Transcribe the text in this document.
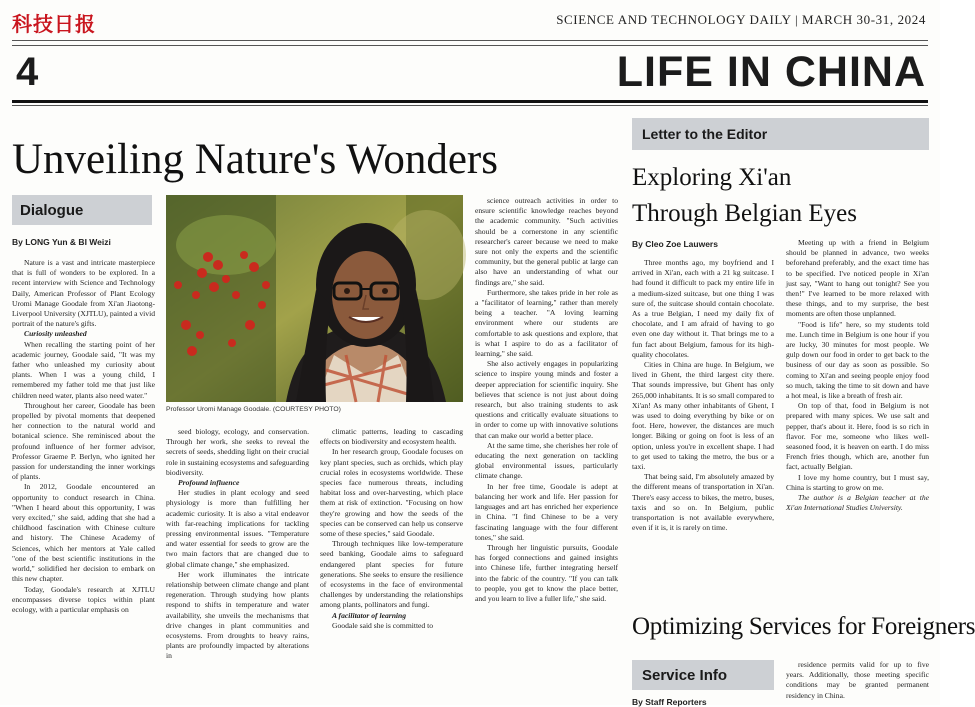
科技日报	SCIENCE AND TECHNOLOGY DAILY | MARCH 30-31, 2024
4	LIFE IN CHINA
Unveiling Nature's Wonders
Dialogue
By LONG Yun & BI Weizi

Nature is a vast and intricate masterpiece that is full of wonders to be explored. In a recent interview with Science and Technology Daily, American Professor of Plant Ecology Uromi Manage Goodale from Xi'an Jiaotong-Liverpool University (XJTLU), painted a vivid portrait of the nature's gifts.

Curiosity unleashed

When recalling the starting point of her academic journey, Goodale said, "It was my father who unleashed my curiosity about plants. When I was a young child, I remembered my father told me that just like children need water, plants also need water."

Throughout her career, Goodale has been propelled by pivotal moments that deepened her connection to the natural world and botanical science. She reminisced about the profound influence of her former advisor, Professor Graeme P. Berlyn, who ignited her passion for understanding the inner workings of plants.

In 2012, Goodale encountered an opportunity to conduct research in China. "When I heard about this opportunity, I was very excited," she said, adding that she had a childhood fascination with Chinese culture and history. The Chinese Academy of Sciences, which her mentors at Yale called "one of the best scientific institutions in the world," solidified her decision to embark on this new chapter.

Today, Goodale's research at XJTLU encompasses diverse topics within plant ecology, with a particular emphasis on

Professor Uromi Manage Goodale. (COURTESY PHOTO)

seed biology, ecology, and conservation. Through her work, she seeks to reveal the secrets of seeds, shedding light on their crucial role in sustaining ecosystems and safeguarding biodiversity.

Profound influence

Her studies in plant ecology and seed physiology is more than fulfilling her academic curiosity. It is also a vital endeavor with far-reaching implications for tackling pressing environmental issues. "Temperature and water essential for seeds to grow are the two main factors that are changed due to global climate change," she emphasized.

Her work illuminates the intricate relationship between climate change and plant regeneration. Through studying how plants respond to shifts in temperature and water availability, she unveils the mechanisms that drive changes in plant communities and ecosystems. From droughts to heavy rains, plants are profoundly impacted by alterations in

climatic patterns, leading to cascading effects on biodiversity and ecosystem health.

In her research group, Goodale focuses on key plant species, such as orchids, which play crucial roles in ecosystems worldwide. These species face numerous threats, including habitat loss and over-harvesting, which place them at risk of extinction. "Focusing on how they're growing and how the seeds of the species can be conserved can help us conserve some of these species," said Goodale.

Through techniques like low-temperature seed banking, Goodale aims to safeguard endangered plant species for future generations. She seeks to ensure the resilience of ecosystems in the face of environmental challenges by understanding the relationships among plants, pollinators and fungi.

A facilitator of learning

Goodale said she is committed to

science outreach activities in order to ensure scientific knowledge reaches beyond the academic community. "Such activities should be a cornerstone in any scientific researcher's career because we need to make sure not only the experts and the scientific community, but the general public at large can also have an understanding of what our findings are," she said.

Furthermore, she takes pride in her role as a "facilitator of learning," rather than merely being a teacher. "A loving learning environment where our students are comfortable to ask questions and explore, that is what I aspire to do as a facilitator of learning," she said.

She also actively engages in popularizing science to inspire young minds and foster a deeper appreciation for scientific inquiry. She believes that science is not just about doing research, but also training students to ask questions and critically evaluate situations to in order to come up with innovative solutions that can make our world a better place.

At the same time, she cherishes her role of educating the next generation on tackling global environmental issues, particularly climate change.

In her free time, Goodale is adept at balancing her work and life. Her passion for languages and art has enriched her experience in China. "I find Chinese to be a very fascinating language with the four different tones," she said.

Through her linguistic pursuits, Goodale has forged connections and gained insights into Chinese life, further integrating herself into the fabric of the country. "If you can talk to people, you get to know the place better, and you learn to live a fuller life," she said.

Letter to the Editor
Exploring Xi'an
Through Belgian Eyes
By Cleo Zoe Lauwers

Three months ago, my boyfriend and I arrived in Xi'an, each with a 21 kg suitcase. I had found it difficult to pack my entire life in a medium-sized suitcase, but one thing I was sure of, the suitcase should contain chocolate. As a true Belgian, I need my daily fix of chocolate, and I am afraid of having to go even one day without it. That brings me to a fun fact about Belgium, famous for its high-quality chocolates.

Cities in China are huge. In Belgium, we lived in Ghent, the third largest city there. That sounds impressive, but Ghent has only 265,000 inhabitants. It is so small compared to Xi'an! As many other inhabitants of Ghent, I was used to doing everything by bike or on foot. Here, however, the distances are much longer. Biking or going on foot is less of an option, unless you're in excellent shape. I had to get used to taking the metro, the bus or a taxi.

That being said, I'm absolutely amazed by the different means of transportation in Xi'an. There's easy access to bikes, the metro, buses, taxis and so on. In Belgium, public transportation is not available everywhere, even if it is, it is rarely on time.

Meeting up with a friend in Belgium should be planned in advance, two weeks beforehand preferably, and the exact time has to be specified. I've noticed people in Xi'an just say, "Want to hang out tonight? See you then!" I've learned to be more relaxed with these things, and to my surprise, the best moments are often those unplanned.

"Food is life" here, so my students told me. Lunch time in Belgium is one hour if you are lucky, 30 minutes for most people. We gulp down our food in order to get back to the business of our day as soon as possible. So coming to Xi'an and seeing people enjoy food so much, taking the time to sit down and have a hot meal, is like a breath of fresh air.

On top of that, food in Belgium is not prepared with many spices. We use salt and pepper, that's about it. Here, food is so rich in flavor. For me, someone who likes well-seasoned food, it is heaven on earth. I do miss French fries though, which are, another fun fact, actually Belgian.

I love my home country, but I must say, China is starting to grow on me.

The author is a Belgian teacher at the Xi'an International Studies University.

Optimizing Services for Foreigners
Service Info
By Staff Reporters

residence permits valid for up to five years. Additionally, those meeting specific conditions may be granted permanent residency in China.
